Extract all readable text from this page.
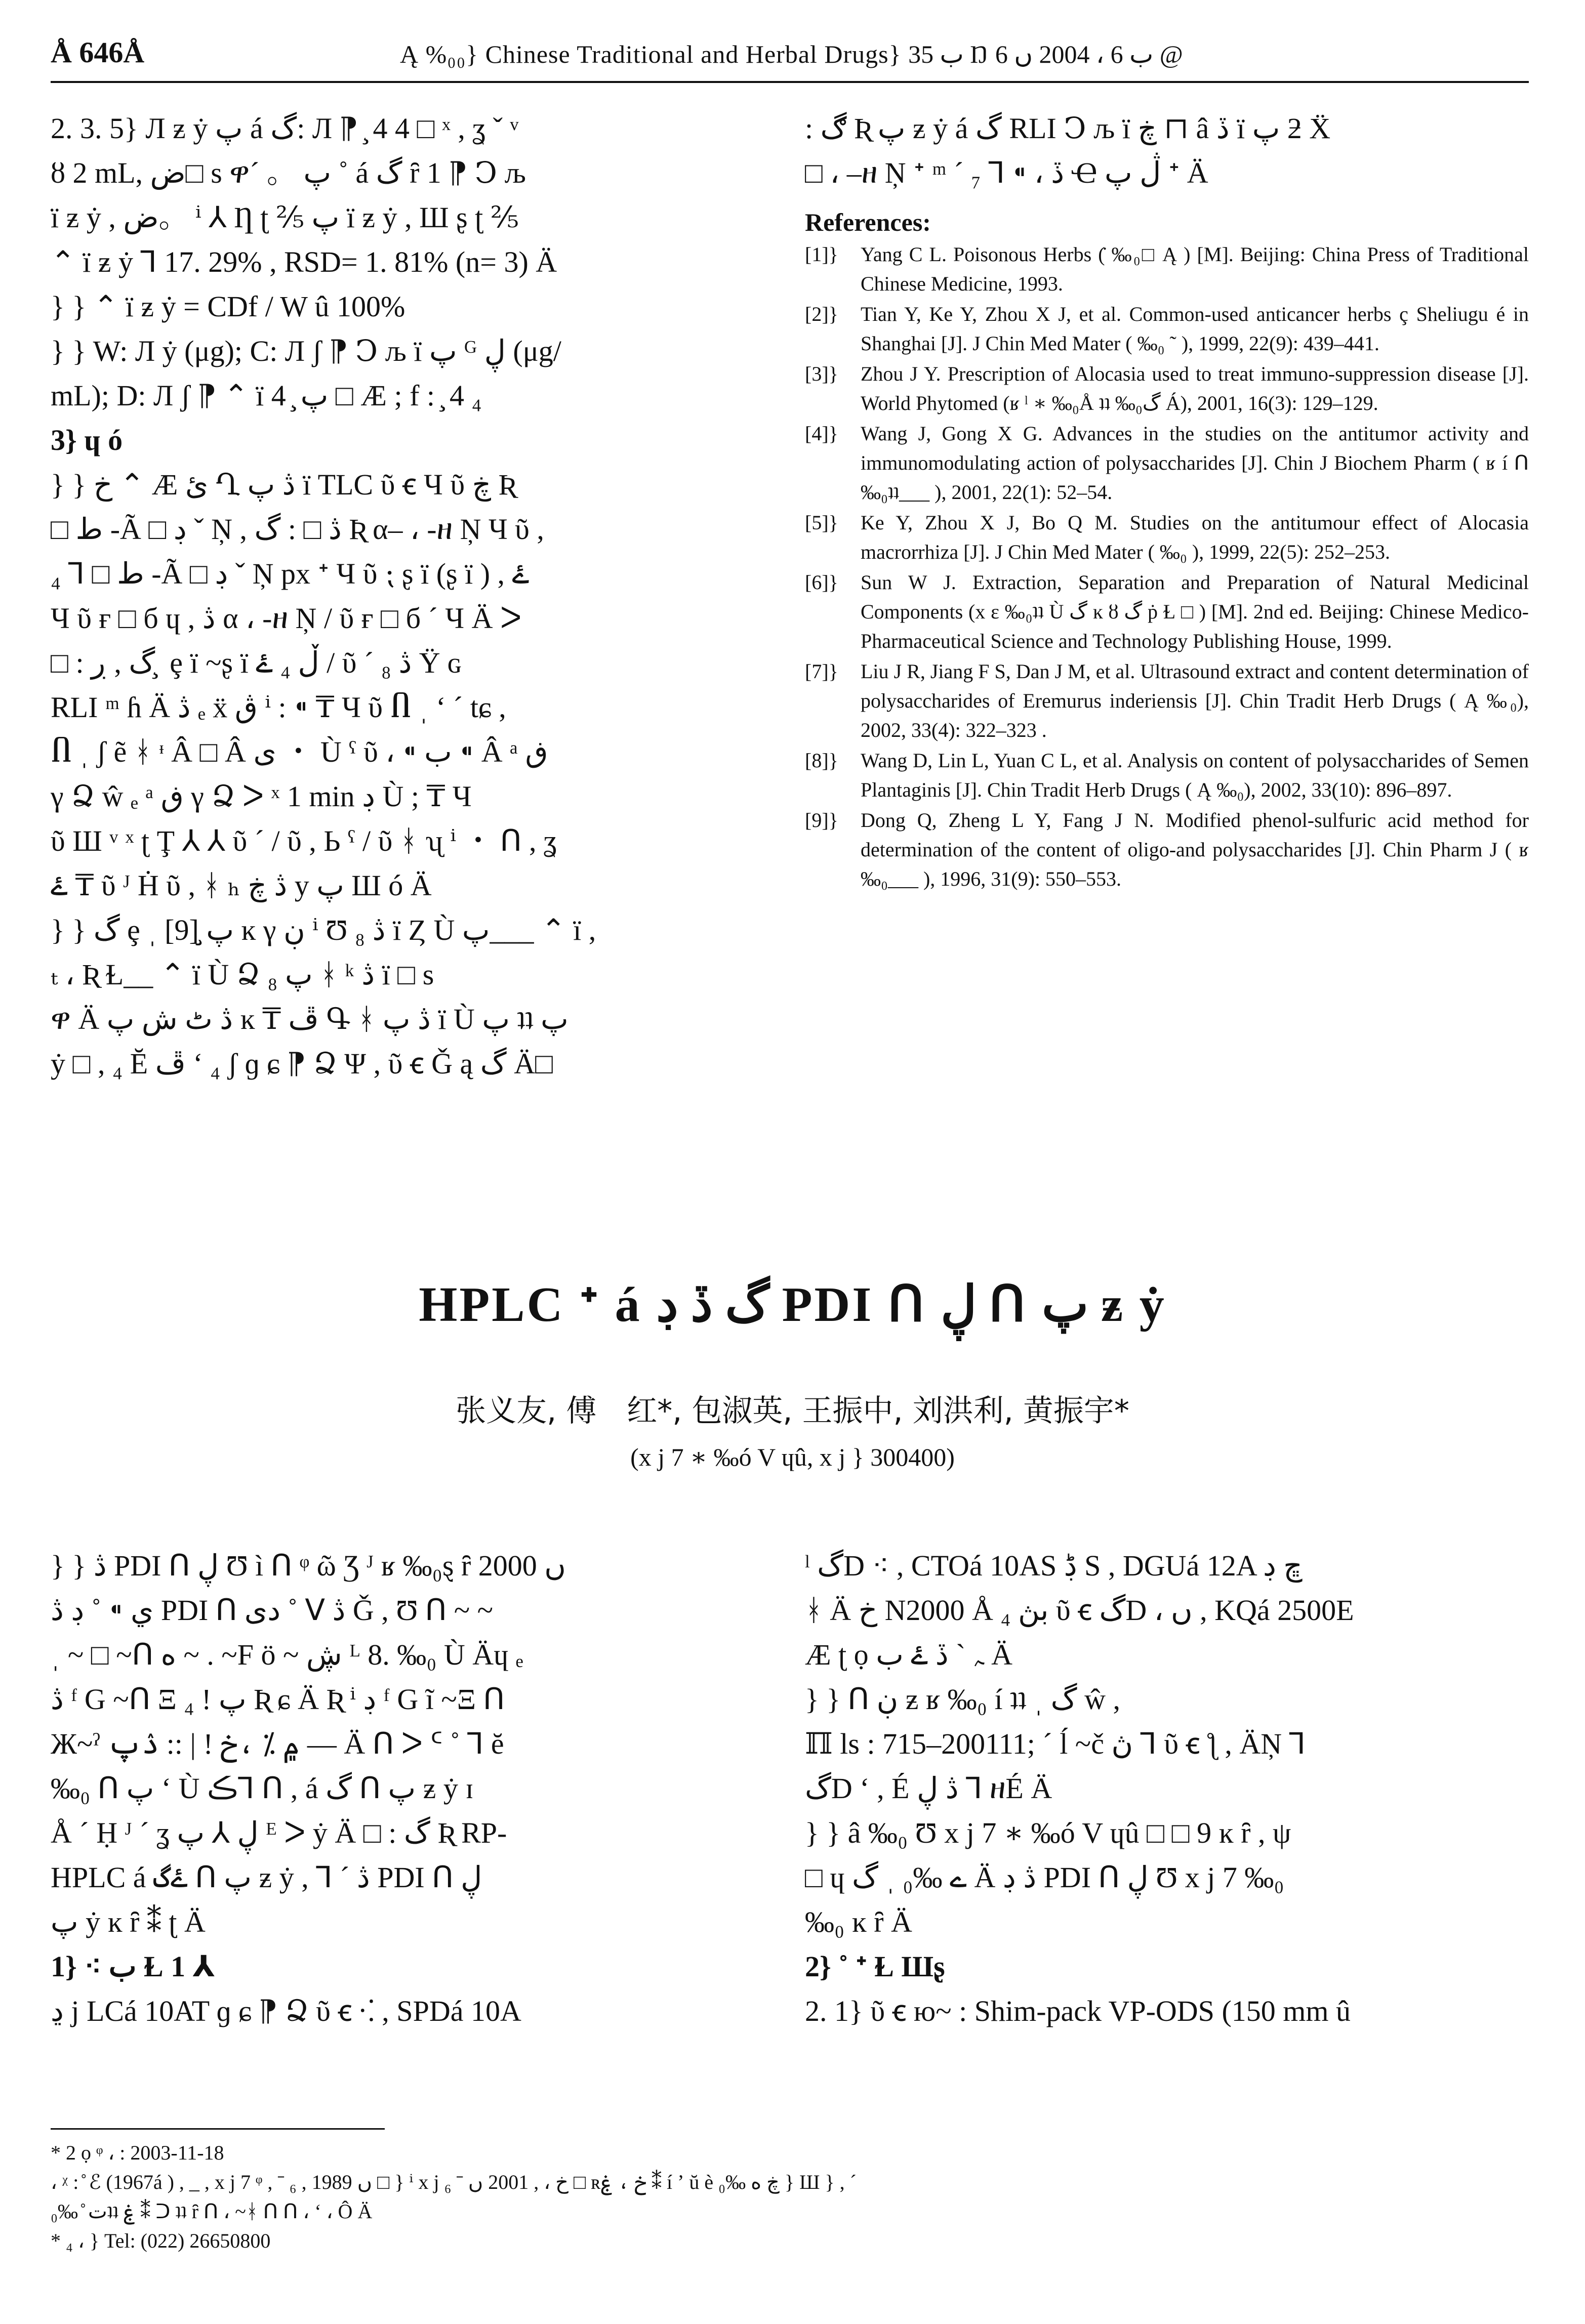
Å 646Å	Ą %₀₀} Chinese Traditional and Herbal Drugs} ب 35 Ŋ ب 6 ، 2004 ں 6 @
2. 3. 5} Л ƶ ẏ پ á گ: Л ⁋ ̧ 4 4 □ ˣ , ʓ ˇ ᵛ
ȣ 2 mL, ض□ s ዋ´ 。 پ ˚ á گ ȓ 1 ⁋ Ↄ љ
ï ƶ ẏ , ض。 ⁱ ⅄ Ƞ ʈ ⅖ پ ï ƶ ẏ , Ш ʂ ʈ ⅖
⌃ ï ƶ ẏ ⅂ 17. 29% , RSD= 1. 81% (n= 3) Ä
} } ⌃ ï ƶ ẏ = CDf / W û 100%
} } W: Л ẏ (μg); C: Л ʃ ⁋ Ↄ љ ï پ ᴳ ڸ (μg/
mL); D: Л ʃ ⁋ ⌃ ï پ ̧ 4 □ Æ ; f : ̧ 4 ₄
3} ɥ ó
} } خ ⌃ Æ ئ Ղ ڎ پ ï TLC ῦ ꞓ Ч ῦ ڿ Ʀ
□ ط -Ã □ ڊ ˇ Ņ , ڎ □ : گ Ʀ α– ، -ዘ Ņ Ч ῦ ,
₄ ⅂ □ ط -Ã □ ڊ ˇ Ņ px ᐩ Ч ῦ ⁏ ʂ ï (ʂ ï ) , ۓ
Ч ῦ ғ □ б ɥ , ڎ α ، -ዘ Ņ / ῦ ғ □ б ´ Ч Ä ᐳ
□ : گ , ڔ ̧ ȩ ï ~ʂ ï ڵ ₄ ۓ / ῦ ´ ₈ ڎ Ÿ ɢ
RLI ᵐ ɦ Ä ڎ ₑ ẍ ڨ ⁱ : ⁌ ₸ Ч ῦ Ⴖ ˌ ʻ ˊ tɕ ,
Ⴖ ˌ ʃ ẽ ᚼ ᶧ Â □ Â ی ・ Ù ˁ ῦ ، ⁌ ب ⁌ Â ᵃ ڧ
γ Ձ ŵ ₑ ᵃ ڧ γ Ձ ᐳ ˣ 1 min ڊ Ù ; ₸ Ч
ῦ Ш ᵛ ˣ ʈ Ţ ⅄ ⅄ ῦ ´ / ῦ , Ь ˁ / ῦ ᚼ ʯ ⁱ ・ ᑎ , ʓ
ۓ ₸ ῦ ᴶ Ḣ ῦ , ᚼ ₕ ڎ ڿ y پ Ш ó Ä
} } گ ȩ ˌ پ̧ [9] ĸ γ ڹ ⁱ Ʊ ₈ ڎ ï Ȥ Ù پ___ ⌃ ï ,
ₜ ، Ʀ Ɫ__ ⌃ ï Ù Ձ ₈ پ ᚼ ᵏ ڎ ï □ s
ዋ Ä ڎ ٹ ش پ ĸ ₸ ڦ Գ ᚼ ڎ پ ï Ù پ ʇʇ پ
ẏ □ , ₄ Ĕ ڦ ʻ ₄ ʃ ɡ ɕ ⁋ Ձ Ψ , ῦ ꞓ Ǧ ą گ Ä□
: ڰ Ʀ پ ƶ ẏ á گ RLI Ↄ љ ï ڿ ⊓ â ڏ ï پ ƻ Ẍ
□ ، –ዘ Ņ ᐩ ᵐ ´ ₇ ⅂ ⁌ ، ڏ Ҽ ڷ پ ᐩ Ä
References:
[1]}	Yang C L. Poisonous Herbs (̇ ‰₀□ Ą ) [M]. Beijing: China Press of Traditional Chinese Medicine, 1993.
[2]}	Tian Y, Ke Y, Zhou X J, et al. Common-used anticancer herbs ç Sheliugu é in Shanghai [J]. J Chin Med Mater ( ‰₀ ˜ ), 1999, 22(9): 439–441.
[3]}	Zhou J Y. Prescription of Alocasia used to treat immuno-suppression disease [J]. World Phytomed (ʁ ˡ ∗ ‰₀Å ʇʇ ‰₀گ Á), 2001, 16(3): 129–129.
[4]}	Wang J, Gong X G. Advances in the studies on the antitumor activity and immunomodulating action of polysaccharides [J]. Chin J Biochem Pharm ( ʁ í ᑎ ‰₀ʇʇ___ ), 2001, 22(1): 52–54.
[5]}	Ke Y, Zhou X J, Bo Q M. Studies on the antitumour effect of Alocasia macrorrhiza [J]. J Chin Med Mater ( ‰₀ ), 1999, 22(5): 252–253.
[6]}	Sun W J. Extraction, Separation and Preparation of Natural Medicinal Components (x ɛ ‰₀ʇʇ Ù گ ĸ ȣ گ ṗ Ɫ □ ) [M]. 2nd ed. Beijing: Chinese Medico-Pharmaceutical Science and Technology Publishing House, 1999.
[7]}	Liu J R, Jiang F S, Dan J M, et al. Ultrasound extract and content determination of polysaccharides of Eremurus inderiensis [J]. Chin Tradit Herb Drugs ( Ą ‰₀), 2002, 33(4): 322–323 .
[8]}	Wang D, Lin L, Yuan C L, et al. Analysis on content of polysaccharides of Semen Plantaginis [J]. Chin Tradit Herb Drugs ( Ą ‰₀), 2002, 33(10): 896–897.
[9]}	Dong Q, Zheng L Y, Fang J N. Modified phenol-sulfuric acid method for determination of the content of oligo-and polysaccharides [J]. Chin Pharm J ( ʁ ‰₀___ ), 1996, 31(9): 550–553.
HPLC ᐩ á گ ڏ ڊ PDI ᑎ ڸ ᑎ پ ƶ ẏ
张义友, 傅　红*, 包淑英, 王振中, 刘洪利, 黄振宇*
(x j 7 ∗ ‰ó V ɥû, x j } 300400)
} } ڎ PDI ᑎ ڸ Ʊ ì ᑎ ᵠ ῶ Ʒ ᴶ ʁ ‰₀ȿ ȓ 2000 ں
ي ⁌ ˚ ڊ ڎ PDI ᑎ دی ˚ ᐯ ڎ Ǧ , Ʊ ᑎ ~ ~
ˌ ~ □ ~ᑎ ە ~ . ~F ö ~ ڜ ᴸ 8. ‰₀ Ù Äɥ ₑ
ڎ ᶠ G ~ᑎ Ξ ₄ ! پ Ʀ ɕ Ä Ʀ ⁱ ڊ ᶠ G ĩ ~Ξ ᑎ
Ж~ˀ ۾ ⁒ ،خ ! | :: ۮپ — Ä ᑎ ᐳ ᑦ ˚ ⅂ ĕ
‰₀ ᑎ پ ʻ Ù ڪ⅂ ᑎ , á گ ᑎ پ ƶ ẏ ɪ
Å ˊ Ḥ ᴶ ˊ ʓ ڸ ⅄ پ ᴱ ᐳ ẏ Ä □ : گ Ʀ RP-
HPLC á ۓگ ᑎ پ ƶ ẏ , ⅂ ˊ ڎ PDI ᑎ ڸ
پ ẏ ĸ ȓ ⁑ ʈ Ä
1} ⁖ ب Ɫ 1 ⅄
ڍ j LCá 10AT ɡ ɕ ⁋ Ձ ῦ ꞓ ⁖ , SPDá 10A
ˡ گD ⁖ , CTOá 10AS ڋ S , DGUá 12A ڇ ڊ
ᚼ Ä خ N2000 Å ₄ بڽ ῦ ꞓ گD ، ں , KQá 2500E
Æ ʈ ọ ﮧ ˋ ڏ ۓ ب Ä
} } ᑎ ڹ ƶ ʁ ‰₀ í ʇʇ ˌ گ ŵ ,
ℿ ls : 715–200111; ˊ ĺ ~č ڽ ⅂ ῦ ꞓ ƪ , ÄŅ ⅂
گD ʻ , É ڎ ڸ ⅂ ዘÉ Ä
} } â ‰₀ Ʊ x j 7 ∗ ‰ó V ɥû □ □ 9 ĸ ȓ , ψ
□ ɥ ے ‰₀ ˌ گ Ä ڎ ڊ PDI ᑎ ڸ Ʊ x j 7 ‰₀
‰₀ ĸ ȓ Ä
2} ˚ ᐩ Ɫ Шʂ
2. 1} ῦ ꞓ ю~ : Shim-pack VP-ODS (150 mm û
* 2 ọ ᵠ ، : 2003-11-18
، ᵡ : ̊ ℰ (1967á ) , _ , x j 7 ᵠ , ˉ ₆ , 1989 ں □ } ⁱ x j ₆ ˉ خ ، , 2001 ں □ ʀخ ، ۼ ⁑ í ʼ ŭ è ڿ ه ‰₀ } Ш } , ˊ
ت ̊ ‰₀ʇʇ ۼ ⁑ ᑐ ʇʇ ȓ ᑎ ، ~ᚼ ᑎ ᑎ ، ʻ ، Ô Ä
* ₄ ، } Tel: (022) 26650800
